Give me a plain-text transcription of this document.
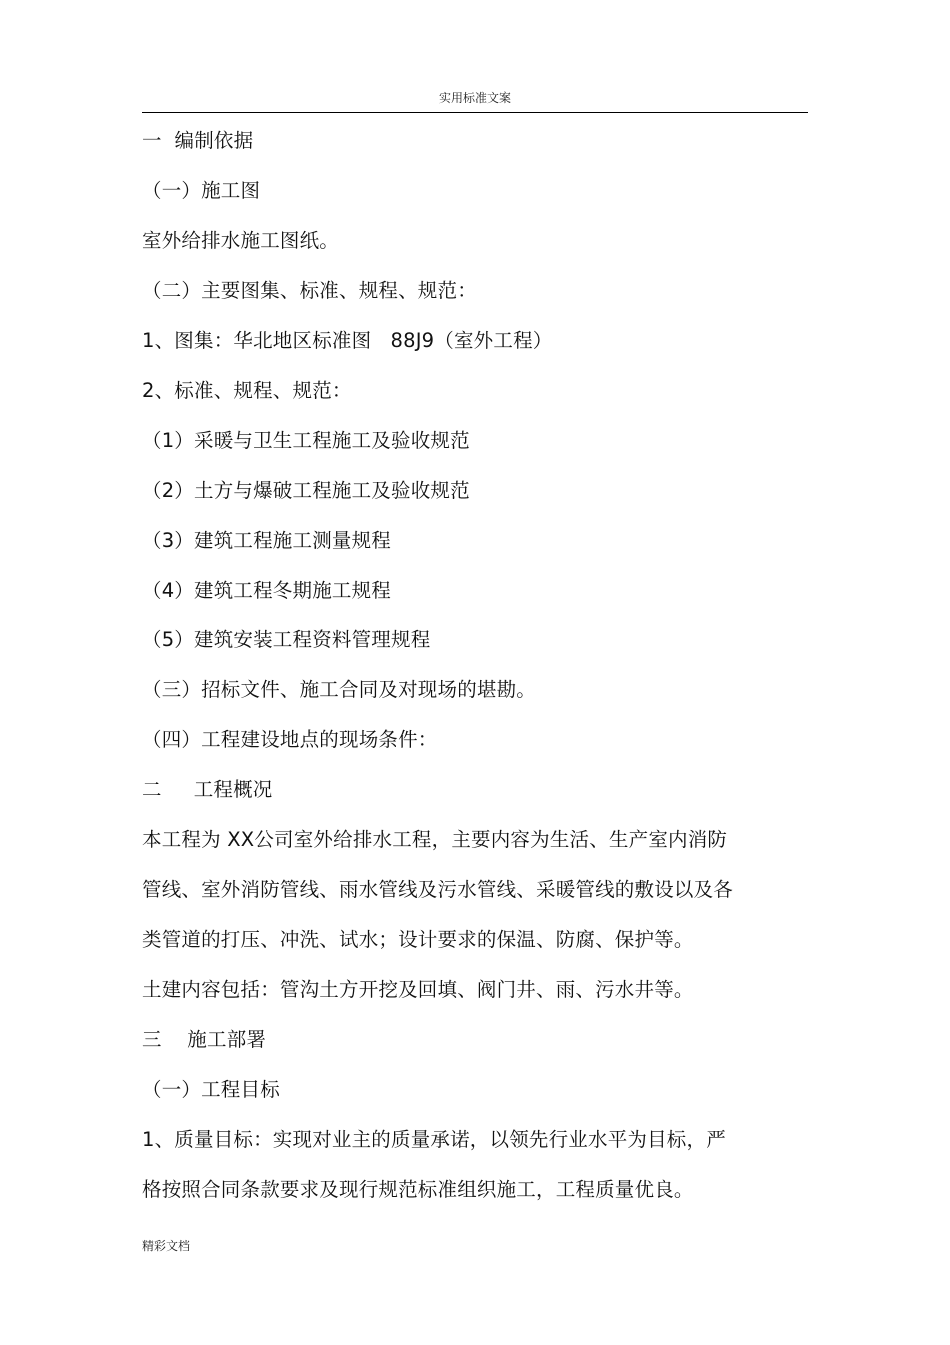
实用标准文案
一  编制依据
（一）施工图
室外给排水施工图纸。
（二）主要图集、标准、规程、规范：
1、图集：华北地区标准图   88J9（室外工程）
2、标准、规程、规范：
（1）采暖与卫生工程施工及验收规范
（2）土方与爆破工程施工及验收规范
（3）建筑工程施工测量规程
（4）建筑工程冬期施工规程
（5）建筑安装工程资料管理规程
（三）招标文件、施工合同及对现场的堪勘。
（四）工程建设地点的现场条件：
二     工程概况
本工程为 XX公司室外给排水工程，主要内容为生活、生产室内消防
管线、室外消防管线、雨水管线及污水管线、采暖管线的敷设以及各
类管道的打压、冲洗、试水；设计要求的保温、防腐、保护等。
土建内容包括：管沟土方开挖及回填、阀门井、雨、污水井等。
三    施工部署
（一）工程目标
1、质量目标：实现对业主的质量承诺，以领先行业水平为目标，严
格按照合同条款要求及现行规范标准组织施工，工程质量优良。
精彩文档
